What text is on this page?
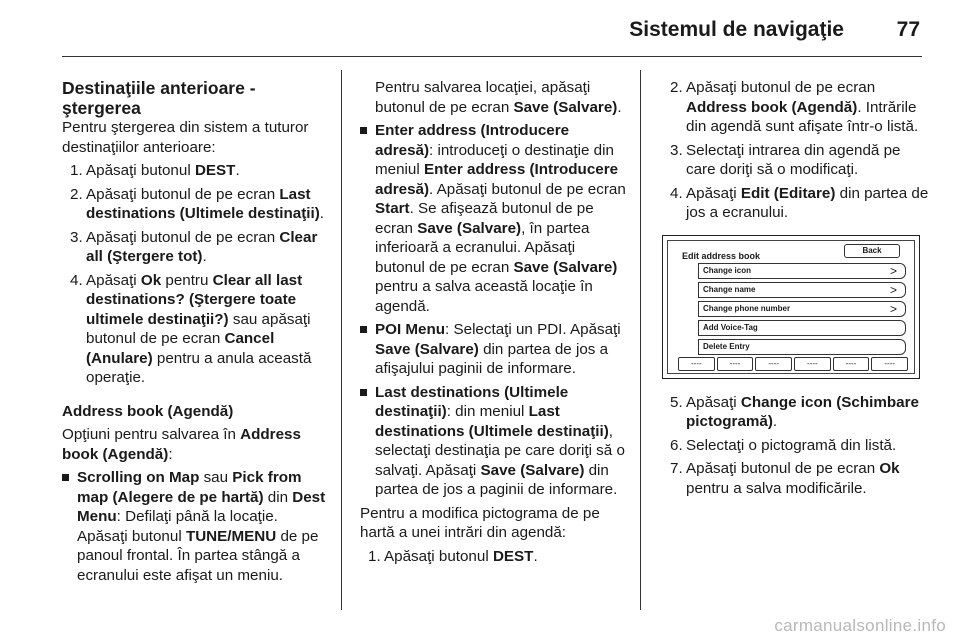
Sistemul de navigaţie	77
Destinaţiile anterioare - ştergerea

Pentru ştergerea din sistem a tuturor destinaţiilor anterioare:

1. Apăsaţi butonul DEST.
2. Apăsaţi butonul de pe ecran Last destinations (Ultimele destinaţii).
3. Apăsaţi butonul de pe ecran Clear all (Ştergere tot).
4. Apăsaţi Ok pentru Clear all last destinations? (Ştergere toate ultimele destinaţii?) sau apăsaţi butonul de pe ecran Cancel (Anulare) pentru a anula această operaţie.
Address book (Agendă)

Opţiuni pentru salvarea în Address book (Agendă):

Scrolling on Map sau Pick from map (Alegere de pe hartă) din Dest Menu: Defilaţi până la locaţie. Apăsaţi butonul TUNE/MENU de pe panoul frontal. În partea stângă a ecranului este afişat un meniu.

Pentru salvarea locaţiei, apăsaţi butonul de pe ecran Save (Salvare).

Enter address (Introducere adresă): introduceţi o destinaţie din meniul Enter address (Introducere adresă). Apăsaţi butonul de pe ecran Start. Se afişează butonul de pe ecran Save (Salvare), în partea inferioară a ecranului. Apăsaţi butonul de pe ecran Save (Salvare) pentru a salva această locaţie în agendă.
POI Menu: Selectaţi un PDI. Apăsaţi Save (Salvare) din partea de jos a afişajului paginii de informare.
Last destinations (Ultimele destinaţii): din meniul Last destinations (Ultimele destinaţii), selectaţi destinaţia pe care doriţi să o salvaţi. Apăsaţi Save (Salvare) din partea de jos a paginii de informare.

Pentru a modifica pictograma de pe hartă a unei intrări din agendă:

1. Apăsaţi butonul DEST.
2. Apăsaţi butonul de pe ecran Address book (Agendă). Intrările din agendă sunt afişate într-o listă.
3. Selectaţi intrarea din agendă pe care doriţi să o modificaţi.
4. Apăsaţi Edit (Editare) din partea de jos a ecranului.
Edit address book
Back
Change icon	>
Change name	>
Change phone number	>
Add Voice-Tag
Delete Entry
----	----	----	----	----	----
5. Apăsaţi Change icon (Schimbare pictogramă).
6. Selectaţi o pictogramă din listă.
7. Apăsaţi butonul de pe ecran Ok pentru a salva modificările.
carmanualsonline.info
